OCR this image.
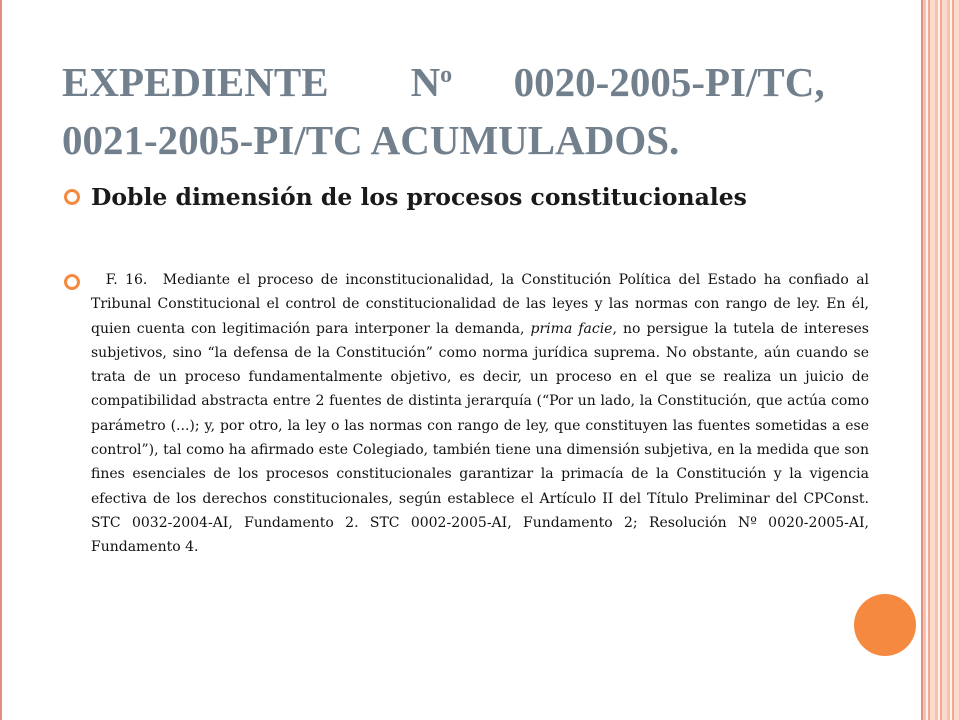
EXPEDIENTE $N^o$ 0020-2005-PI/TC,
0021-2005-PI/TC ACUMULADOS.
Doble dimensión de los procesos constitucionales

F. 16. Mediante el proceso de inconstitucionalidad, la Constitución Política del Estado ha confiado al Tribunal Constitucional el control de constitucionalidad de las leyes y las normas con rango de ley. En él, quien cuenta con legitimación para interponer la demanda, prima facie, no persigue la tutela de intereses subjetivos, sino “la defensa de la Constitución” como norma jurídica suprema. No obstante, aún cuando se trata de un proceso fundamentalmente objetivo, es decir, un proceso en el que se realiza un juicio de compatibilidad abstracta entre 2 fuentes de distinta jerarquía (“Por un lado, la Constitución, que actúa como parámetro (...); y, por otro, la ley o las normas con rango de ley, que constituyen las fuentes sometidas a ese control”), tal como ha afirmado este Colegiado, también tiene una dimensión subjetiva, en la medida que son fines esenciales de los procesos constitucionales garantizar la primacía de la Constitución y la vigencia efectiva de los derechos constitucionales, según establece el Artículo II del Título Preliminar del CPConst. STC 0032-2004-AI, Fundamento 2. STC 0002-2005-AI, Fundamento 2; Resolución Nº 0020-2005-AI, Fundamento 4.
